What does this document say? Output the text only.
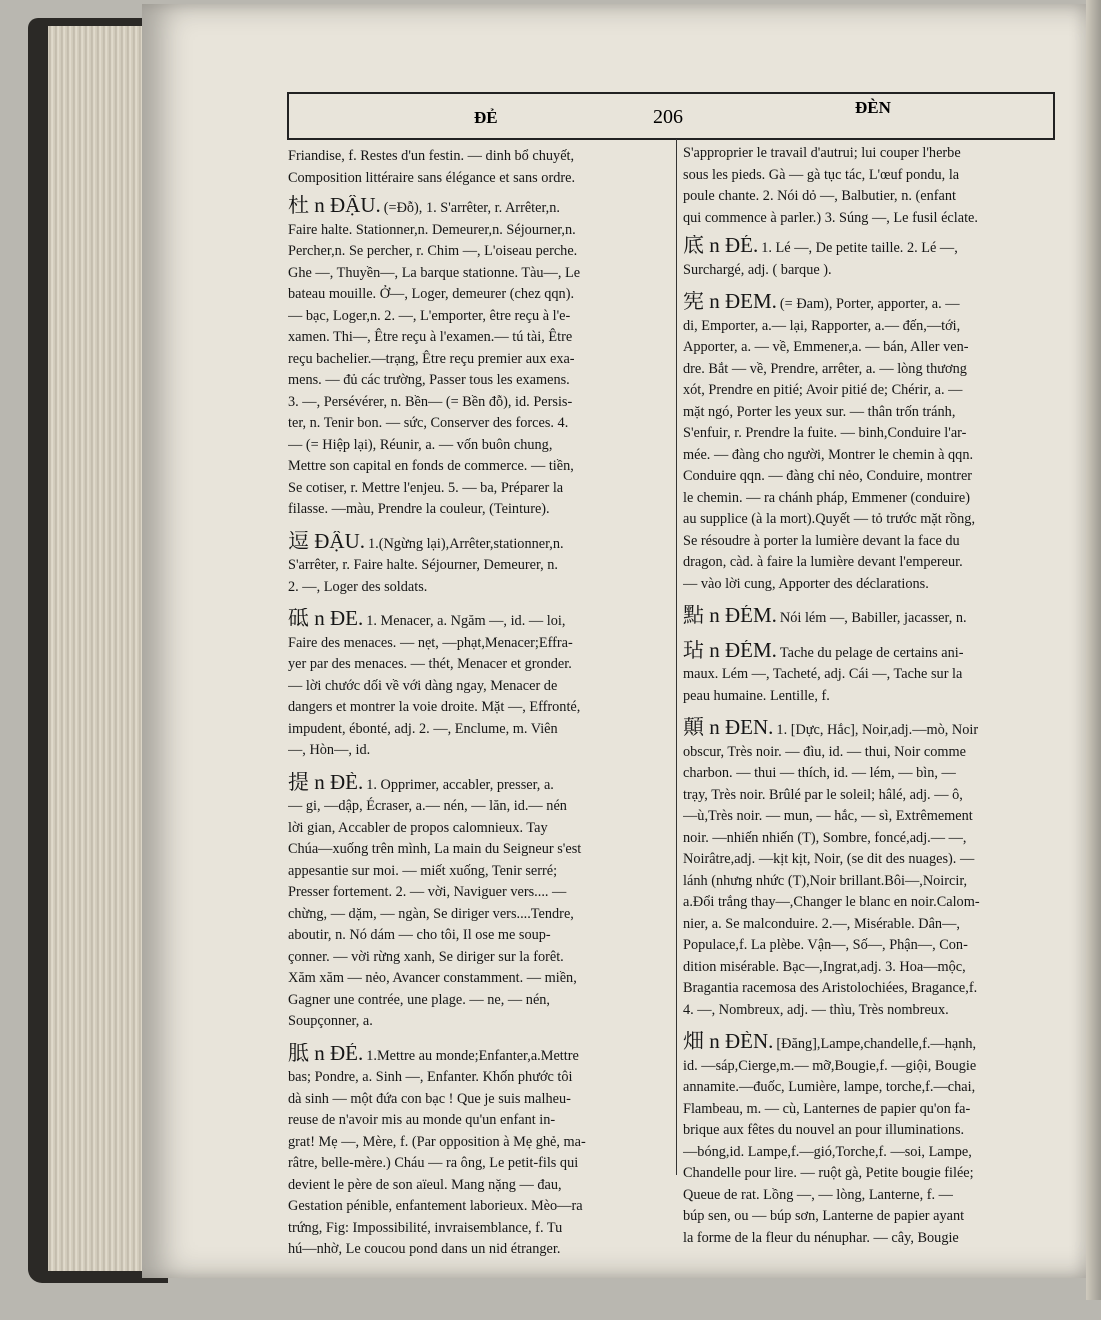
ĐẺ	206	ĐÈN
Friandise, f. Restes d'un festin. — dinh bổ chuyết,
Composition littéraire sans élégance et sans ordre.
杜 n ĐẬU. (=Đỗ), 1. S'arrêter, r. Arrêter,n.
Faire halte. Stationner,n. Demeurer,n. Séjourner,n.
Percher,n. Se percher, r. Chim —, L'oiseau perche.
Ghe —, Thuyền—, La barque stationne. Tàu—, Le
bateau mouille. Ở—, Loger, demeurer (chez qqn).
— bạc, Loger,n. 2. —, L'emporter, être reçu à l'e-
xamen. Thi—, Être reçu à l'examen.— tú tài, Être
reçu bachelier.—trạng, Être reçu premier aux exa-
mens. — đủ các trường, Passer tous les examens.
3. —, Persévérer, n. Bền— (= Bền đỗ), id. Persis-
ter, n. Tenir bon. — sức, Conserver des forces. 4.
— (= Hiệp lại), Réunir, a. — vốn buôn chung,
Mettre son capital en fonds de commerce. — tiền,
Se cotiser, r. Mettre l'enjeu. 5. — ba, Préparer la
filasse. —màu, Prendre la couleur, (Teinture).
逗 ĐẬU. 1.(Ngừng lại),Arrêter,stationner,n.
S'arrêter, r. Faire halte. Séjourner, Demeurer, n.
2. —, Loger des soldats.
砥 n ĐE. 1. Menacer, a. Ngăm —, id. — loi,
Faire des menaces. — nẹt, —phạt,Menacer;Effra-
yer par des menaces. — thét, Menacer et gronder.
— lời chước dối về với dàng ngay, Menacer de
dangers et montrer la voie droite. Mặt —, Effronté,
impudent, ébonté, adj. 2. —, Enclume, m. Viên
—, Hòn—, id.
提 n ĐÈ. 1. Opprimer, accabler, presser, a.
— gi, —dập, Écraser, a.— nén, — lăn, id.— nén
lời gian, Accabler de propos calomnieux. Tay
Chúa—xuống trên mình, La main du Seigneur s'est
appesantie sur moi. — miết xuống, Tenir serré;
Presser fortement. 2. — vời, Naviguer vers.... —
chừng, — dặm, — ngàn, Se diriger vers....Tendre,
aboutir, n. Nó dám — cho tôi, Il ose me soup-
çonner. — vời rừng xanh, Se diriger sur la forêt.
Xăm xăm — nẻo, Avancer constamment. — miền,
Gagner une contrée, une plage. — ne, — nén,
Soupçonner, a.
胝 n ĐẺ. 1.Mettre au monde;Enfanter,a.Mettre
bas; Pondre, a. Sinh —, Enfanter. Khốn phước tôi
dà sinh — một đứa con bạc ! Que je suis malheu-
reuse de n'avoir mis au monde qu'un enfant in-
grat! Mẹ —, Mère, f. (Par opposition à Mẹ ghẻ, ma-
râtre, belle-mère.) Cháu — ra ông, Le petit-fils qui
devient le père de son aïeul. Mang nặng — đau,
Gestation pénible, enfantement laborieux. Mèo—ra
trứng, Fig: Impossibilité, invraisemblance, f. Tu
hú—nhờ, Le coucou pond dans un nid étranger.
S'approprier le travail d'autrui; lui couper l'herbe
sous les pieds. Gà — gà tục tác, L'œuf pondu, la
poule chante. 2. Nói dỏ —, Balbutier, n. (enfant
qui commence à parler.) 3. Súng —, Le fusil éclate.
底 n ĐÉ. 1. Lé —, De petite taille. 2. Lé —,
Surchargé, adj. ( barque ).
宪 n ĐEM. (= Đam), Porter, apporter, a. —
di, Emporter, a.— lại, Rapporter, a.— đến,—tới,
Apporter, a. — về, Emmener,a. — bán, Aller ven-
dre. Bắt — về, Prendre, arrêter, a. — lòng thương
xót, Prendre en pitié; Avoir pitié de; Chérir, a. —
mặt ngó, Porter les yeux sur. — thân trốn tránh,
S'enfuir, r. Prendre la fuite. — binh,Conduire l'ar-
mée. — đàng cho người, Montrer le chemin à qqn.
Conduire qqn. — đàng chỉ nẻo, Conduire, montrer
le chemin. — ra chánh pháp, Emmener (conduire)
au supplice (à la mort).Quyết — tỏ trước mặt rồng,
Se résoudre à porter la lumière devant la face du
dragon, càd. à faire la lumière devant l'empereur.
— vào lời cung, Apporter des déclarations.
點 n ĐÉM. Nói lém —, Babiller, jacasser, n.
玷 n ĐÉM. Tache du pelage de certains ani-
maux. Lém —, Tacheté, adj. Cái —, Tache sur la
peau humaine. Lentille, f.
顛 n ĐEN. 1. [Dực, Hắc], Noir,adj.—mò, Noir
obscur, Très noir. — đìu, id. — thui, Noir comme
charbon. — thui — thích, id. — lém, — bìn, —
trạy, Très noir. Brûlé par le soleil; hâlé, adj. — ô,
—ù,Très noir. — mun, — hắc, — sì, Extrêmement
noir. —nhiến nhiến (T), Sombre, foncé,adj.— —,
Noirâtre,adj. —kịt kịt, Noir, (se dit des nuages). —
lánh (nhưng nhức (T),Noir brillant.Bôi—,Noircir,
a.Đổi trắng thay—,Changer le blanc en noir.Calom-
nier, a. Se malconduire. 2.—, Misérable. Dân—,
Populace,f. La plèbe. Vận—, Số—, Phận—, Con-
dition misérable. Bạc—,Ingrat,adj. 3. Hoa—mộc,
Bragantia racemosa des Aristolochiées, Bragance,f.
4. —, Nombreux, adj. — thìu, Très nombreux.
畑 n ĐÈN. [Đăng],Lampe,chandelle,f.—hạnh,
id. —sáp,Cierge,m.— mỡ,Bougie,f. —giội, Bougie
annamite.—đuốc, Lumière, lampe, torche,f.—chai,
Flambeau, m. — cù, Lanternes de papier qu'on fa-
brique aux fêtes du nouvel an pour illuminations.
—bóng,id. Lampe,f.—gió,Torche,f. —soi, Lampe,
Chandelle pour lire. — ruột gà, Petite bougie filée;
Queue de rat. Lồng —, — lòng, Lanterne, f. —
búp sen, ou — búp sơn, Lanterne de papier ayant
la forme de la fleur du nénuphar. — cây, Bougie
